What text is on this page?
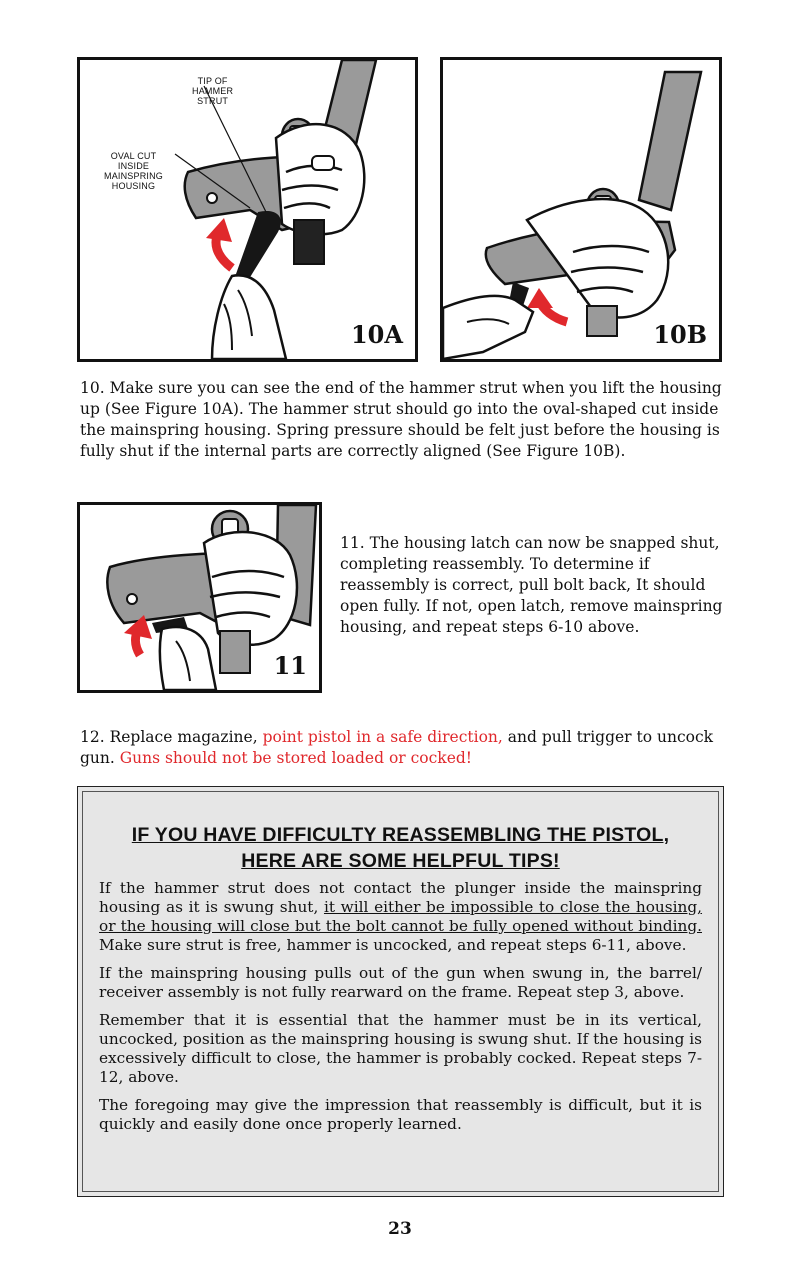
TIP OF
HAMMER
STRUT
OVAL CUT
INSIDE
MAINSPRING
HOUSING
10A	10B

10. Make sure you can see the end of the hammer strut when you lift the housing up (See Figure 10A). The hammer strut should go into the oval-shaped cut inside the mainspring housing. Spring pressure should be felt just before the housing is fully shut if the internal parts are correctly aligned (See Figure 10B).

11

11. The housing latch can now be snapped shut, completing reassembly. To determine if reassembly is correct, pull bolt back, It should open fully. If not, open latch, remove mainspring housing, and repeat steps 6-10 above.

12. Replace magazine, point pistol in a safe direction, and pull trigger to uncock gun. Guns should not be stored loaded or cocked!

IF YOU HAVE DIFFICULTY REASSEMBLING THE PISTOL,
HERE ARE SOME HELPFUL TIPS!

If the hammer strut does not contact the plunger inside the mainspring housing as it is swung shut, it will either be impossible to close the housing, or the housing will close but the bolt cannot be fully opened without binding. Make sure strut is free, hammer is uncocked, and repeat steps 6-11, above.

If the mainspring housing pulls out of the gun when swung in, the barrel/ receiver assembly is not fully rearward on the frame. Repeat step 3, above.

Remember that it is essential that the hammer must be in its vertical, uncocked, position as the mainspring housing is swung shut. If the housing is excessively difficult to close, the hammer is probably cocked. Repeat steps 7-12, above.

The foregoing may give the impression that reassembly is difficult, but it is quickly and easily done once properly learned.

23
